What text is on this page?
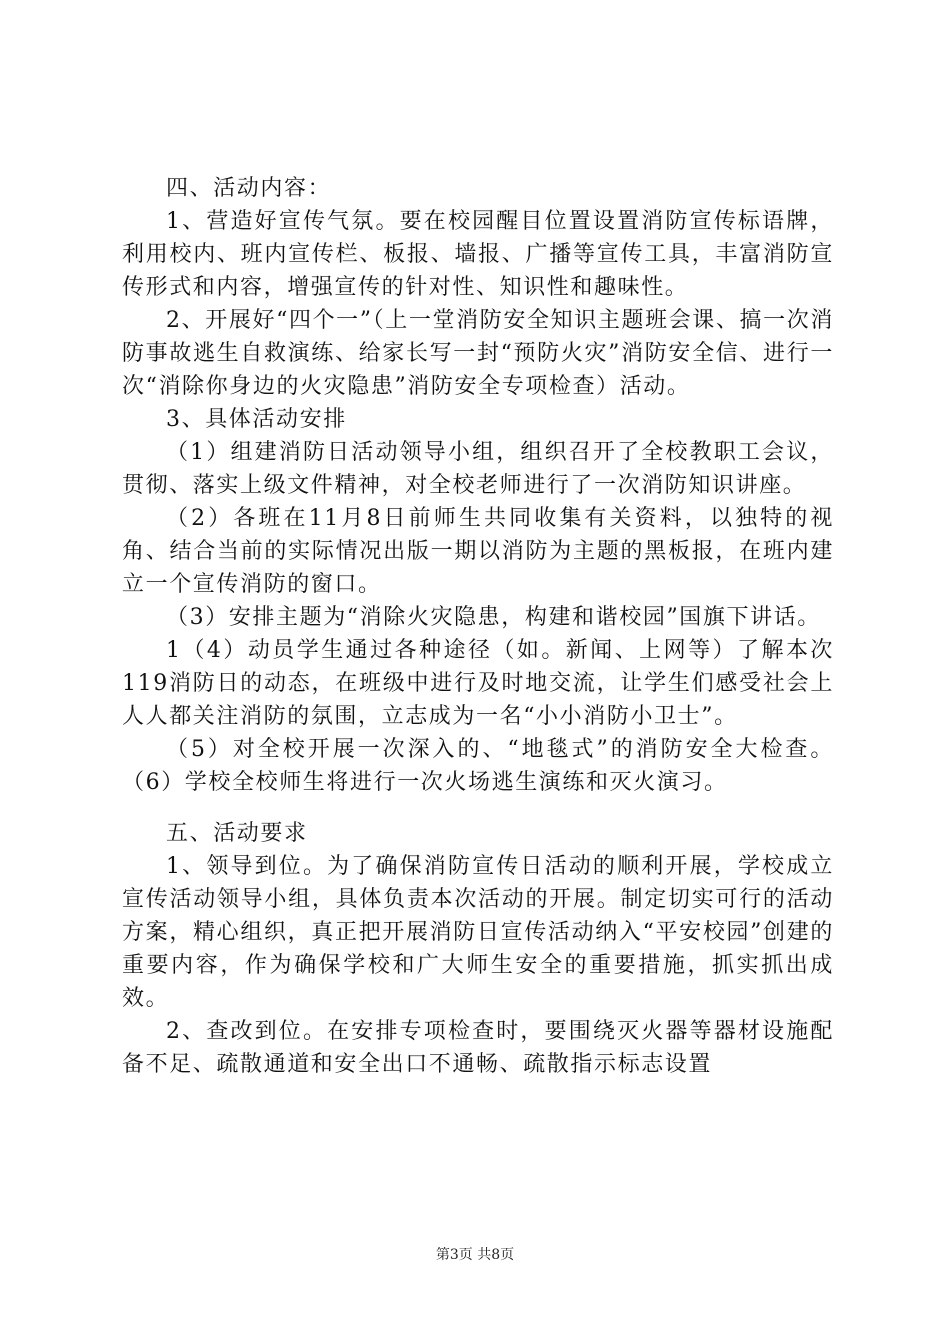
四、活动内容：

1、营造好宣传气氛。要在校园醒目位置设置消防宣传标语牌，利用校内、班内宣传栏、板报、墙报、广播等宣传工具，丰富消防宣传形式和内容，增强宣传的针对性、知识性和趣味性。

2、开展好“四个一”（上一堂消防安全知识主题班会课、搞一次消防事故逃生自救演练、给家长写一封“预防火灾”消防安全信、进行一次“消除你身边的火灾隐患”消防安全专项检查）活动。

3、具体活动安排

（1）组建消防日活动领导小组，组织召开了全校教职工会议，贯彻、落实上级文件精神，对全校老师进行了一次消防知识讲座。

（2）各班在11月8日前师生共同收集有关资料，以独特的视角、结合当前的实际情况出版一期以消防为主题的黑板报，在班内建立一个宣传消防的窗口。

（3）安排主题为“消除火灾隐患，构建和谐校园”国旗下讲话。

1（4）动员学生通过各种途径（如。新闻、上网等）了解本次119消防日的动态，在班级中进行及时地交流，让学生们感受社会上人人都关注消防的氛围，立志成为一名“小小消防小卫士”。

（5）对全校开展一次深入的、“地毯式”的消防安全大检查。（6）学校全校师生将进行一次火场逃生演练和灭火演习。

五、活动要求

1、领导到位。为了确保消防宣传日活动的顺利开展，学校成立宣传活动领导小组，具体负责本次活动的开展。制定切实可行的活动方案，精心组织，真正把开展消防日宣传活动纳入“平安校园”创建的重要内容，作为确保学校和广大师生安全的重要措施，抓实抓出成效。

2、查改到位。在安排专项检查时，要围绕灭火器等器材设施配备不足、疏散通道和安全出口不通畅、疏散指示标志设置

第3页 共8页
